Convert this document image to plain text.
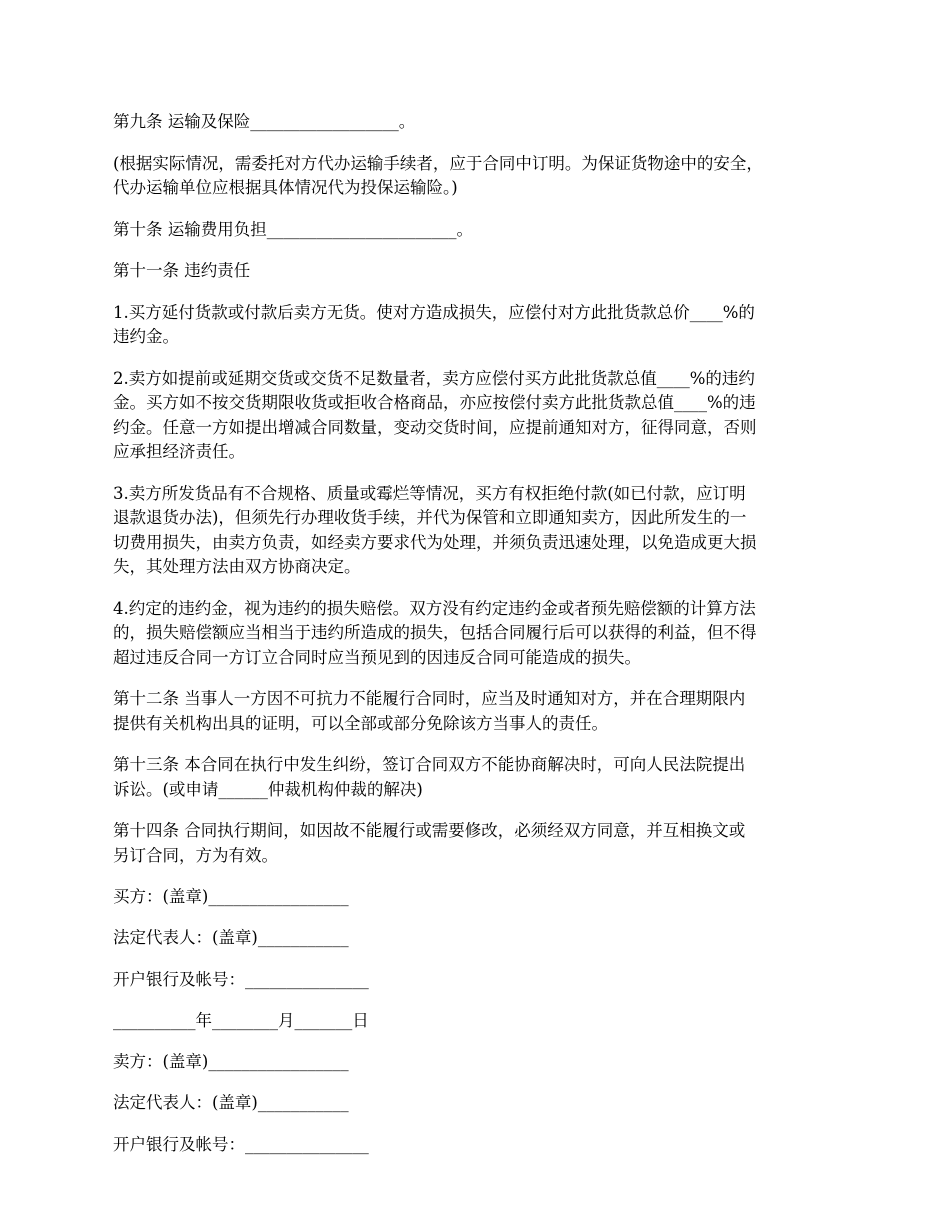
第九条 运输及保险__________________。

(根据实际情况，需委托对方代办运输手续者，应于合同中订明。为保证货物途中的安全，
代办运输单位应根据具体情况代为投保运输险。)

第十条 运输费用负担_______________________。

第十一条 违约责任

1.买方延付货款或付款后卖方无货。使对方造成损失，应偿付对方此批货款总价____%的
违约金。

2.卖方如提前或延期交货或交货不足数量者，卖方应偿付买方此批货款总值____%的违约
金。买方如不按交货期限收货或拒收合格商品，亦应按偿付卖方此批货款总值____%的违
约金。任意一方如提出增减合同数量，变动交货时间，应提前通知对方，征得同意，否则
应承担经济责任。

3.卖方所发货品有不合规格、质量或霉烂等情况，买方有权拒绝付款(如已付款，应订明
退款退货办法)，但须先行办理收货手续，并代为保管和立即通知卖方，因此所发生的一
切费用损失，由卖方负责，如经卖方要求代为处理，并须负责迅速处理，以免造成更大损
失，其处理方法由双方协商决定。

4.约定的违约金，视为违约的损失赔偿。双方没有约定违约金或者预先赔偿额的计算方法
的，损失赔偿额应当相当于违约所造成的损失，包括合同履行后可以获得的利益，但不得
超过违反合同一方订立合同时应当预见到的因违反合同可能造成的损失。

第十二条 当事人一方因不可抗力不能履行合同时，应当及时通知对方，并在合理期限内
提供有关机构出具的证明，可以全部或部分免除该方当事人的责任。

第十三条 本合同在执行中发生纠纷，签订合同双方不能协商解决时，可向人民法院提出
诉讼。(或申请______仲裁机构仲裁的解决)

第十四条 合同执行期间，如因故不能履行或需要修改，必须经双方同意，并互相换文或
另订合同，方为有效。

买方：(盖章)_________________
法定代表人：(盖章)___________
开户银行及帐号：_______________
__________年________月_______日
卖方：(盖章)_________________
法定代表人：(盖章)___________
开户银行及帐号：_______________
